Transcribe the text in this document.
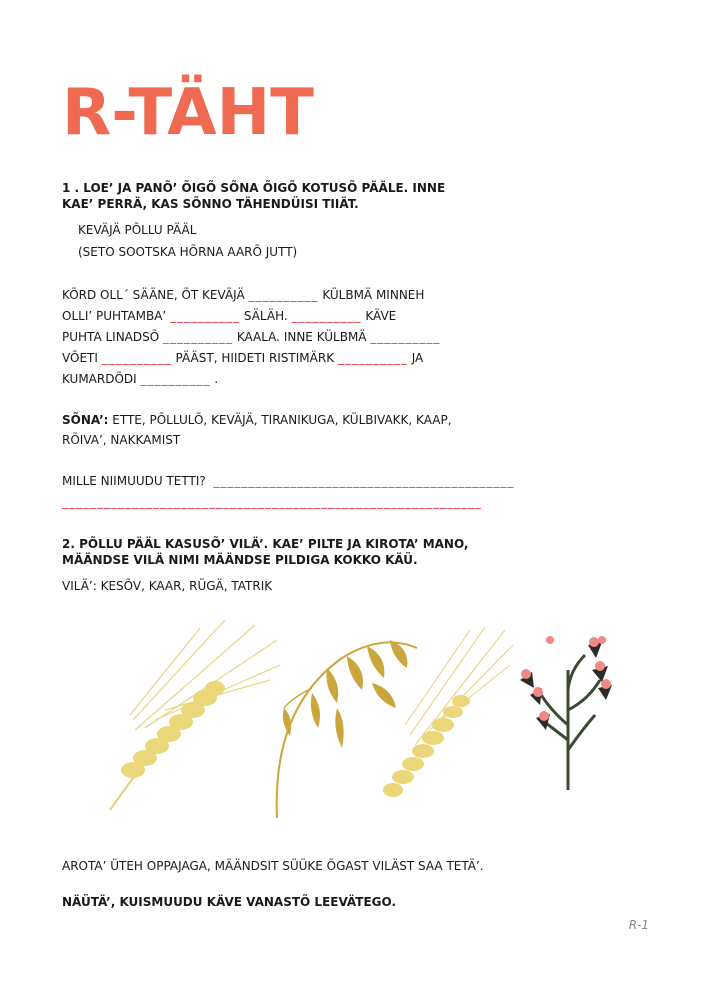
R-TÄHT
1 . LOE’ JA PANÕ’ ÕIGÕ SÕNA ÕIGÕ KOTUSÕ PÄÄLE. INNE
KAE’ PERRÄ, KAS SÕNNO TÄHENDÜISI TIIÄT.
KEVÄJÄ PÕLLU PÄÄL
(SETO SOOTSKA HÕRNA AARÕ JUTT)
KÕRD OLL´ SÄÄNE, ÕT KEVÄJÄ __________ KÜLBMÄ MINNEH
OLLI’ PUHTAMBA’ __________ SÄLÄH. __________ KÄVE
PUHTA LINADSÕ __________ KAALA. INNE KÜLBMÄ __________
VÕETI __________ PÄÄST, HIIDETI RISTIMÄRK __________ JA
KUMARDÕDI __________ .
SÕNA’: ETTE, PÕLLULÕ, KEVÄJÄ, TIRANIKUGA, KÜLBIVAKK, KAAP,
RÕIVA’, NAKKAMIST
MILLE NIIMUUDU TETTI? ___________________________________________
____________________________________________________________
2. PÕLLU PÄÄL KASUSÕ’ VILÄ’. KAE’ PILTE JA KIROTA’ MANO,
MÄÄNDSE VILÄ NIMI MÄÄNDSE PILDIGA KOKKO KÄÜ.
VILÄ’: KESÕV, KAAR, RÜGÄ, TATRIK
AROTA’ ÜTEH OPPAJAGA, MÄÄNDSIT SÜÜKE ÕGAST VILÄST SAA TETÄ’.
NÄÜTÄ’, KUISMUUDU KÄVE VANASTÕ LEEVÄTEGO.
R-1
